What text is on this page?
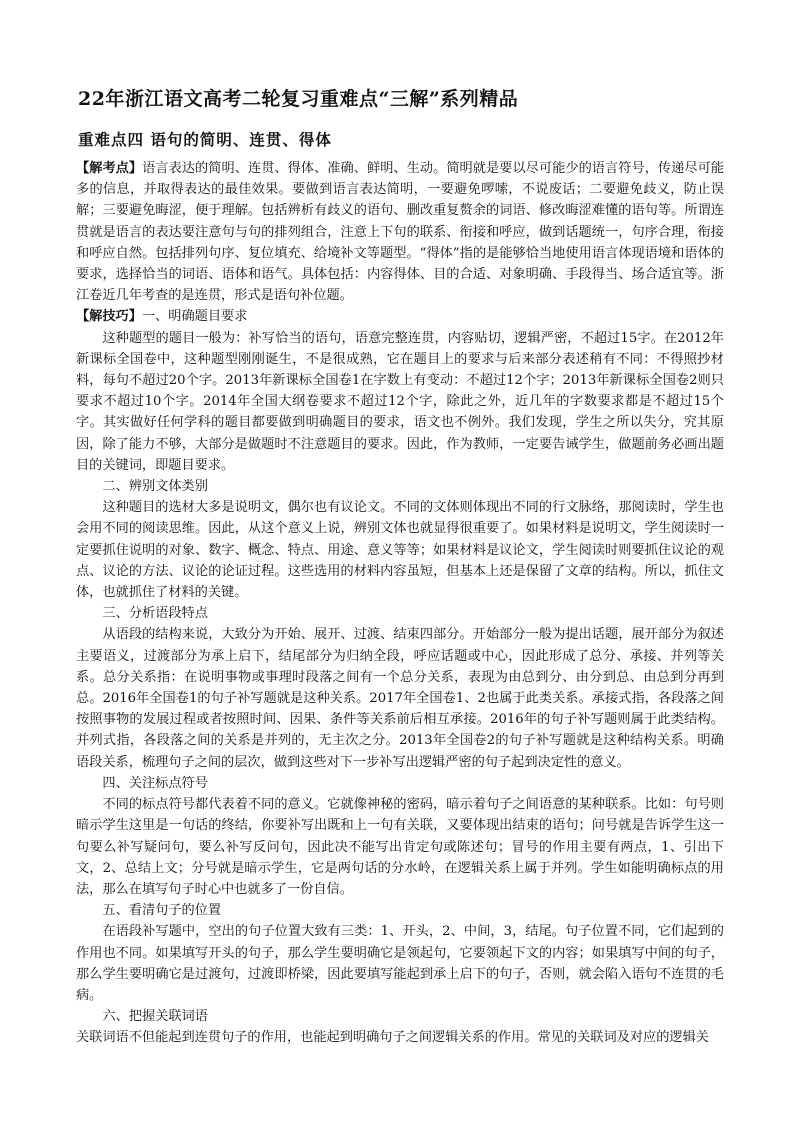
22年浙江语文高考二轮复习重难点“三解”系列精品
重难点四 语句的简明、连贯、得体

【解考点】语言表达的简明、连贯、得体、准确、鲜明、生动。简明就是要以尽可能少的语言符号，传递尽可能多的信息，并取得表达的最佳效果。要做到语言表达简明，一要避免啰嗦，不说废话；二要避免歧义，防止误解；三要避免晦涩，便于理解。包括辨析有歧义的语句、删改重复赘余的词语、修改晦涩难懂的语句等。所谓连贯就是语言的表达要注意句与句的排列组合，注意上下句的联系、衔接和呼应，做到话题统一，句序合理，衔接和呼应自然。包括排列句序、复位填充、给境补文等题型。“得体”指的是能够恰当地使用语言体现语境和语体的要求，选择恰当的词语、语体和语气。具体包括：内容得体、目的合适、对象明确、手段得当、场合适宜等。浙江卷近几年考查的是连贯，形式是语句补位题。

【解技巧】一、明确题目要求

这种题型的题目一般为：补写恰当的语句，语意完整连贯，内容贴切，逻辑严密，不超过15字。在2012年新课标全国卷中，这种题型刚刚诞生，不是很成熟，它在题目上的要求与后来部分表述稍有不同：不得照抄材料，每句不超过20个字。2013年新课标全国卷1在字数上有变动：不超过12个字；2013年新课标全国卷2则只要求不超过10个字。2014年全国大纲卷要求不超过12个字，除此之外，近几年的字数要求都是不超过15个字。其实做好任何学科的题目都要做到明确题目的要求，语文也不例外。我们发现，学生之所以失分，究其原因，除了能力不够，大部分是做题时不注意题目的要求。因此，作为教师，一定要告诫学生，做题前务必画出题目的关键词，即题目要求。

二、辨别文体类别

这种题目的选材大多是说明文，偶尔也有议论文。不同的文体则体现出不同的行文脉络，那阅读时，学生也会用不同的阅读思维。因此，从这个意义上说，辨别文体也就显得很重要了。如果材料是说明文，学生阅读时一定要抓住说明的对象、数字、概念、特点、用途、意义等等；如果材料是议论文，学生阅读时则要抓住议论的观点、议论的方法、议论的论证过程。这些选用的材料内容虽短，但基本上还是保留了文章的结构。所以，抓住文体，也就抓住了材料的关键。

三、分析语段特点

从语段的结构来说，大致分为开始、展开、过渡、结束四部分。开始部分一般为提出话题，展开部分为叙述主要语义，过渡部分为承上启下，结尾部分为归纳全段，呼应话题或中心，因此形成了总分、承接、并列等关系。总分关系指：在说明事物或事理时段落之间有一个总分关系，表现为由总到分、由分到总、由总到分再到总。2016年全国卷1的句子补写题就是这种关系。2017年全国卷1、2也属于此类关系。承接式指，各段落之间按照事物的发展过程或者按照时间、因果、条件等关系前后相互承接。2016年的句子补写题则属于此类结构。并列式指，各段落之间的关系是并列的，无主次之分。2013年全国卷2的句子补写题就是这种结构关系。明确语段关系，梳理句子之间的层次，做到这些对下一步补写出逻辑严密的句子起到决定性的意义。

四、关注标点符号

不同的标点符号都代表着不同的意义。它就像神秘的密码，暗示着句子之间语意的某种联系。比如：句号则暗示学生这里是一句话的终结，你要补写出既和上一句有关联，又要体现出结束的语句；问号就是告诉学生这一句要么补写疑问句，要么补写反问句，因此决不能写出肯定句或陈述句；冒号的作用主要有两点，1、引出下文，2、总结上文；分号就是暗示学生，它是两句话的分水岭，在逻辑关系上属于并列。学生如能明确标点的用法，那么在填写句子时心中也就多了一份自信。

五、看清句子的位置

在语段补写题中，空出的句子位置大致有三类：1、开头，2、中间，3，结尾。句子位置不同，它们起到的作用也不同。如果填写开头的句子，那么学生要明确它是领起句，它要领起下文的内容；如果填写中间的句子，那么学生要明确它是过渡句，过渡即桥梁，因此要填写能起到承上启下的句子，否则，就会陷入语句不连贯的毛病。

六、把握关联词语

关联词语不但能起到连贯句子的作用，也能起到明确句子之间逻辑关系的作用。常见的关联词及对应的逻辑关
